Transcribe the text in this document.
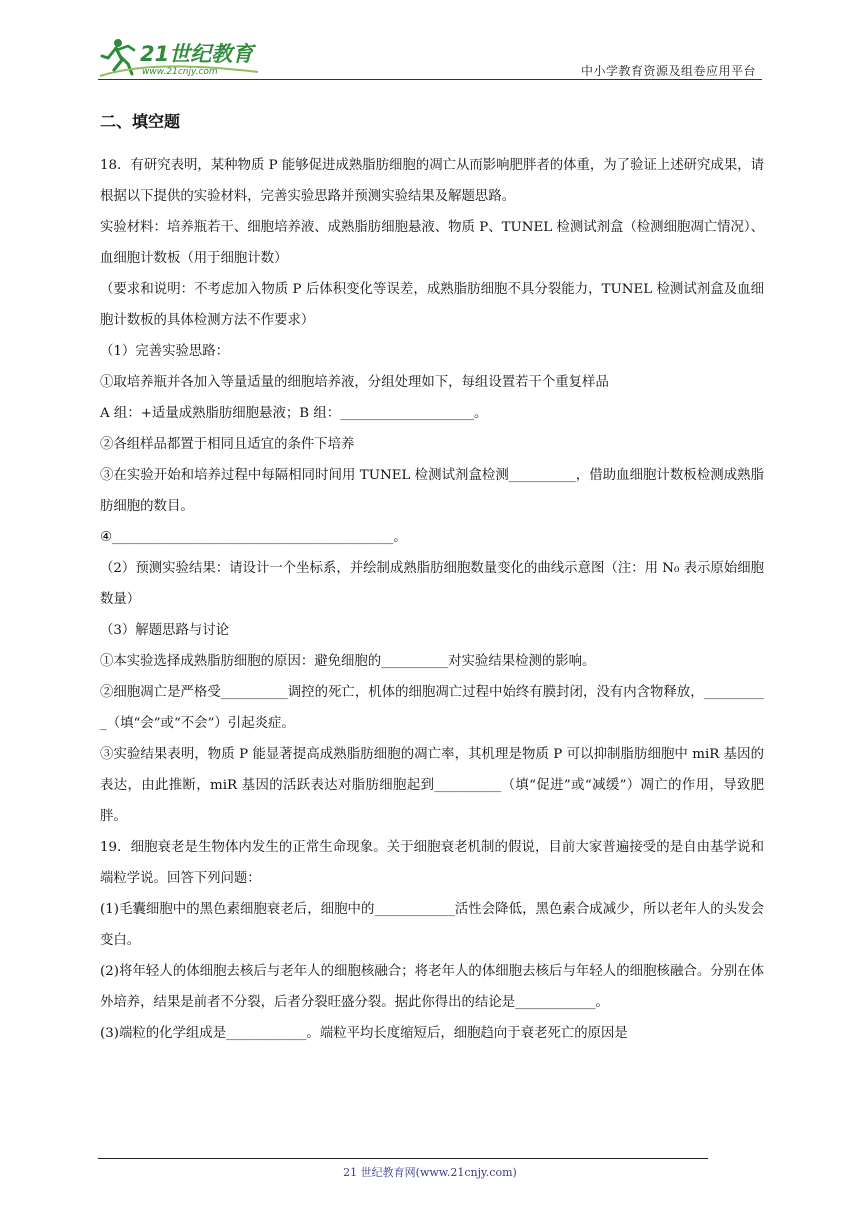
21世纪教育
www.21cnjy.com	中小学教育资源及组卷应用平台
二、填空题

18．有研究表明，某种物质 P 能够促进成熟脂肪细胞的凋亡从而影响肥胖者的体重，为了验证上述研究成果，请根据以下提供的实验材料，完善实验思路并预测实验结果及解题思路。

实验材料：培养瓶若干、细胞培养液、成熟脂肪细胞悬液、物质 P、TUNEL 检测试剂盒（检测细胞凋亡情况）、血细胞计数板（用于细胞计数）

（要求和说明：不考虑加入物质 P 后体积变化等误差，成熟脂肪细胞不具分裂能力，TUNEL 检测试剂盒及血细胞计数板的具体检测方法不作要求）

（1）完善实验思路：

①取培养瓶并各加入等量适量的细胞培养液，分组处理如下，每组设置若干个重复样品

A 组：+适量成熟脂肪细胞悬液；B 组：____________________。

②各组样品都置于相同且适宜的条件下培养

③在实验开始和培养过程中每隔相同时间用 TUNEL 检测试剂盒检测__________，借助血细胞计数板检测成熟脂肪细胞的数目。

④__________________________________________。

（2）预测实验结果：请设计一个坐标系，并绘制成熟脂肪细胞数量变化的曲线示意图（注：用 N₀ 表示原始细胞数量）

（3）解题思路与讨论

①本实验选择成熟脂肪细胞的原因：避免细胞的__________对实验结果检测的影响。

②细胞凋亡是严格受__________调控的死亡，机体的细胞凋亡过程中始终有膜封闭，没有内含物释放，__________（填“会”或“不会”）引起炎症。

③实验结果表明，物质 P 能显著提高成熟脂肪细胞的凋亡率，其机理是物质 P 可以抑制脂肪细胞中 miR 基因的表达，由此推断，miR 基因的活跃表达对脂肪细胞起到__________（填“促进”或“减缓”）凋亡的作用，导致肥胖。

19．细胞衰老是生物体内发生的正常生命现象。关于细胞衰老机制的假说，目前大家普遍接受的是自由基学说和端粒学说。回答下列问题：

(1)毛囊细胞中的黑色素细胞衰老后，细胞中的____________活性会降低，黑色素合成减少，所以老年人的头发会变白。

(2)将年轻人的体细胞去核后与老年人的细胞核融合；将老年人的体细胞去核后与年轻人的细胞核融合。分别在体外培养，结果是前者不分裂，后者分裂旺盛分裂。据此你得出的结论是____________。

(3)端粒的化学组成是____________。端粒平均长度缩短后，细胞趋向于衰老死亡的原因是

21 世纪教育网(www.21cnjy.com)
